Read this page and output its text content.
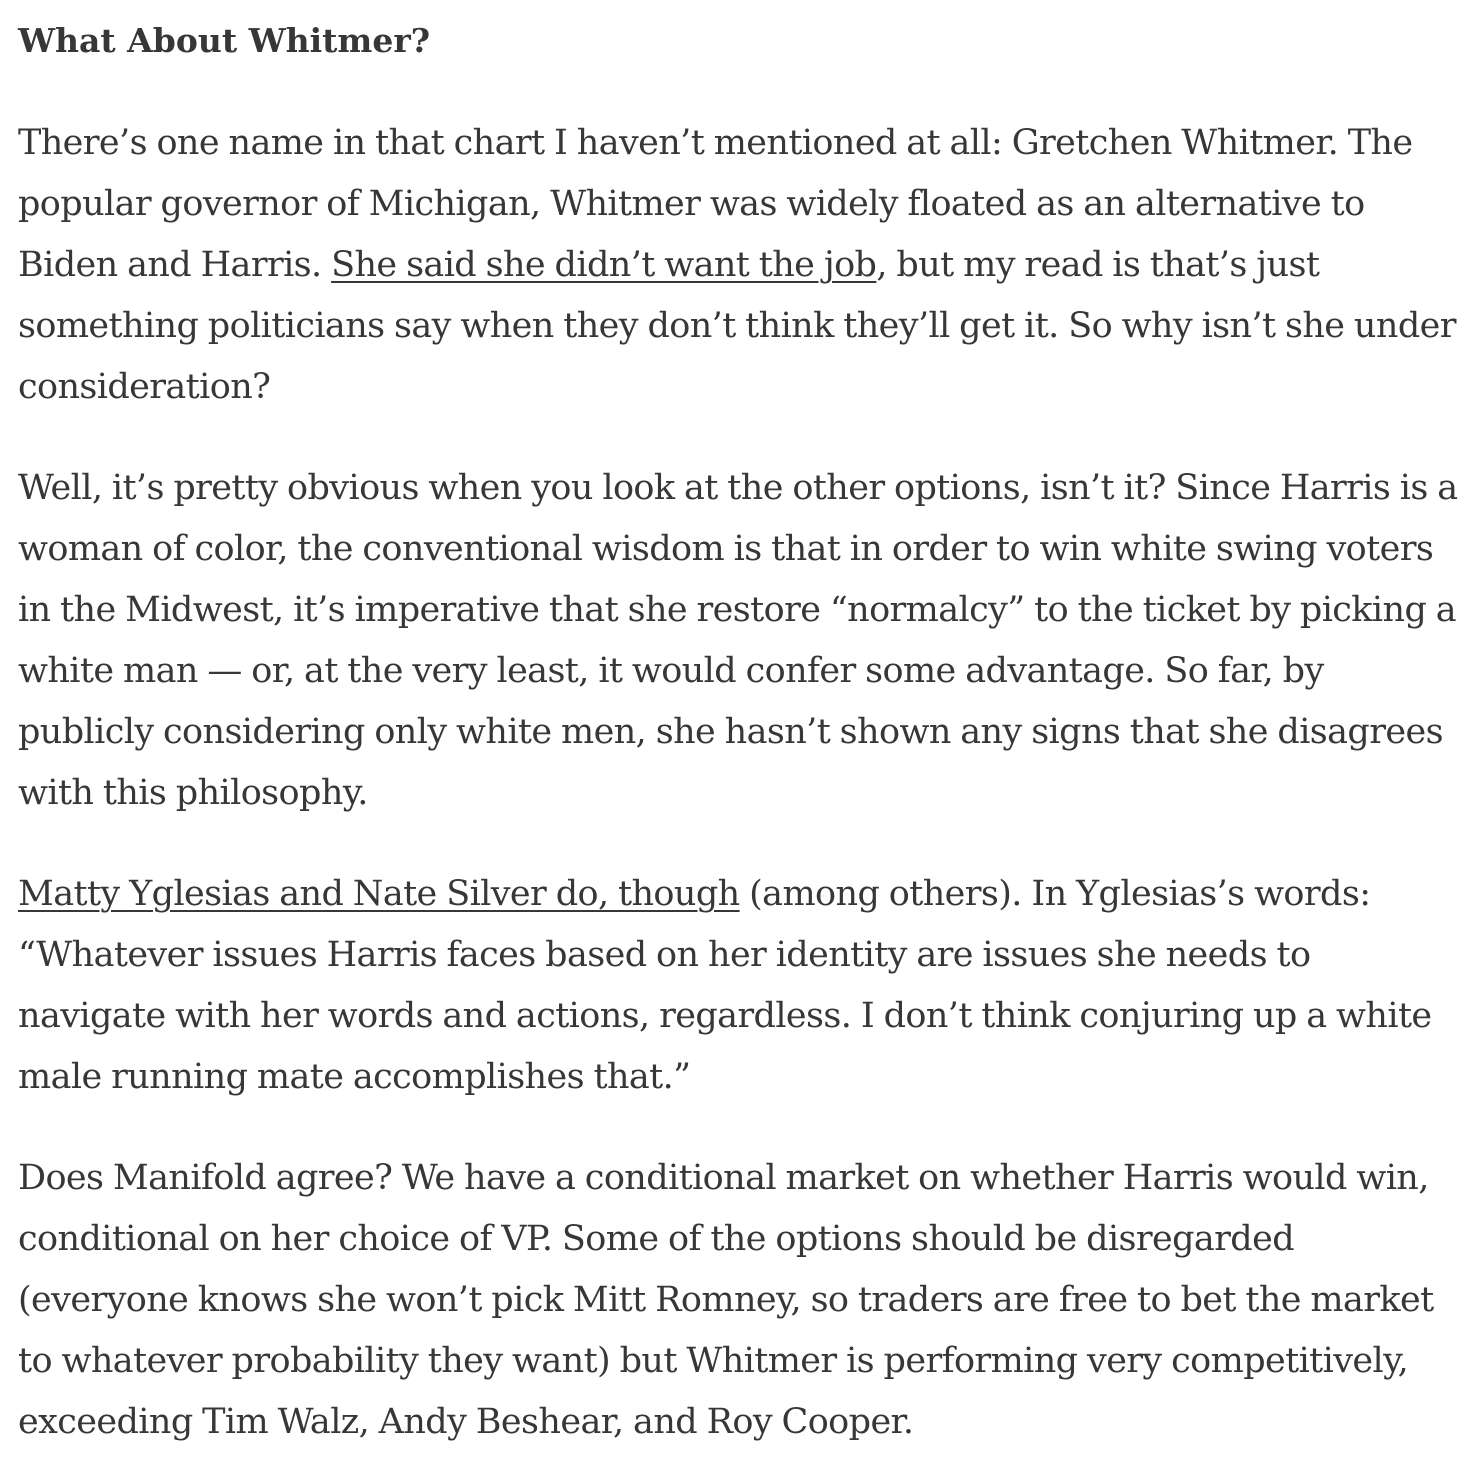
What About Whitmer?

There’s one name in that chart I haven’t mentioned at all: Gretchen Whitmer. The popular governor of Michigan, Whitmer was widely floated as an alternative to Biden and Harris. She said she didn’t want the job, but my read is that’s just something politicians say when they don’t think they’ll get it. So why isn’t she under consideration?

Well, it’s pretty obvious when you look at the other options, isn’t it? Since Harris is a woman of color, the conventional wisdom is that in order to win white swing voters in the Midwest, it’s imperative that she restore “normalcy” to the ticket by picking a white man — or, at the very least, it would confer some advantage. So far, by publicly considering only white men, she hasn’t shown any signs that she disagrees with this philosophy.

Matty Yglesias and Nate Silver do, though (among others). In Yglesias’s words: “Whatever issues Harris faces based on her identity are issues she needs to navigate with her words and actions, regardless. I don’t think conjuring up a white male running mate accomplishes that.”

Does Manifold agree? We have a conditional market on whether Harris would win, conditional on her choice of VP. Some of the options should be disregarded (everyone knows she won’t pick Mitt Romney, so traders are free to bet the market to whatever probability they want) but Whitmer is performing very competitively, exceeding Tim Walz, Andy Beshear, and Roy Cooper.
